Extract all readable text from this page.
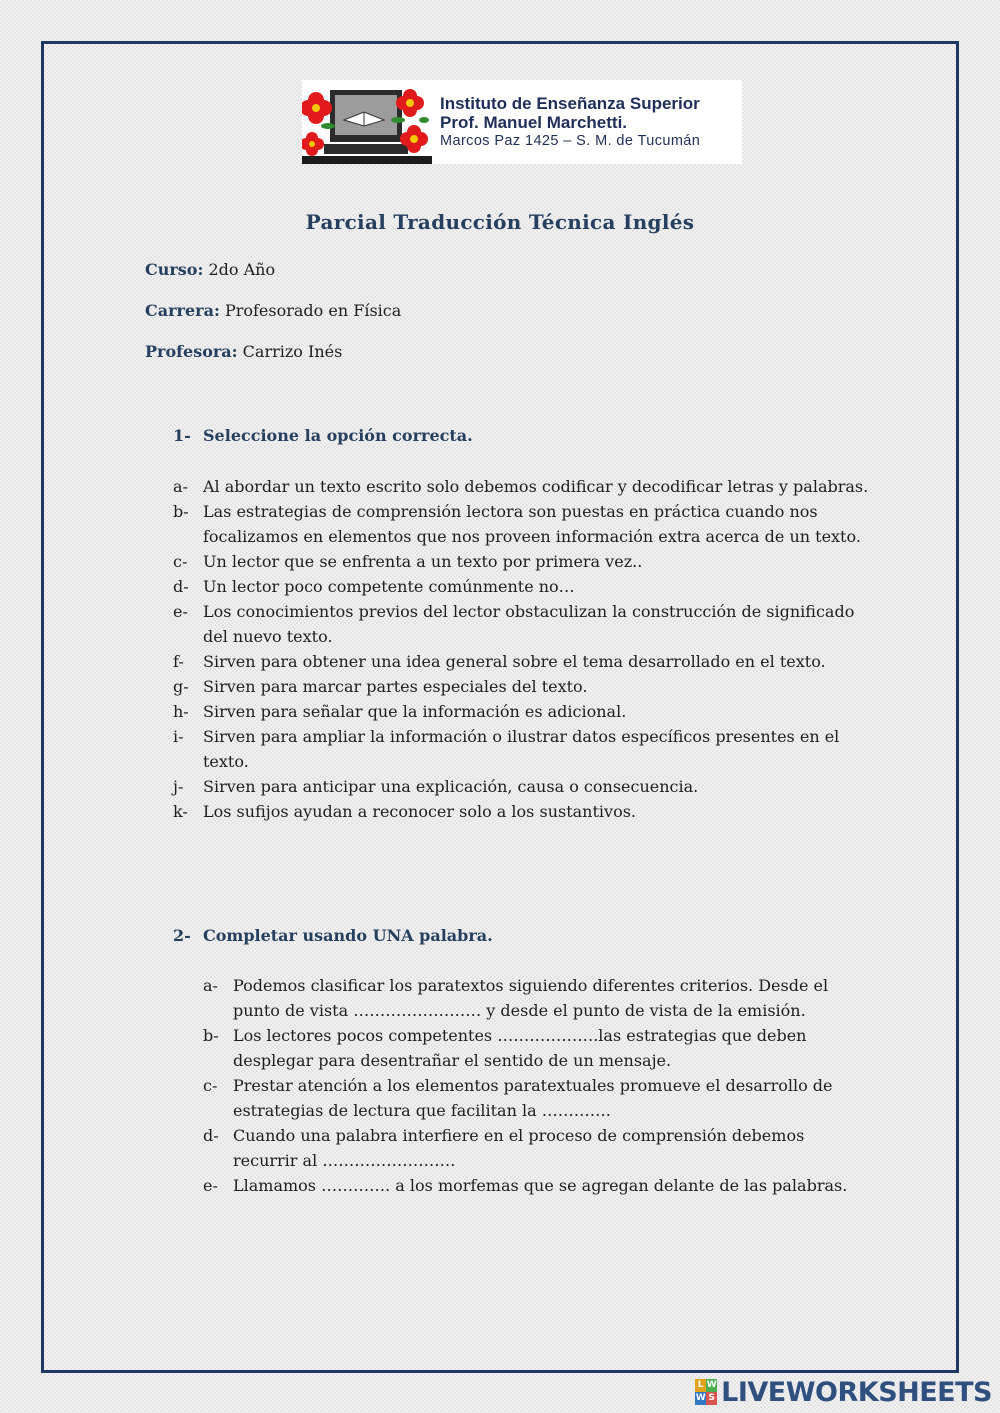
Instituto de Enseñanza Superior
Prof. Manuel Marchetti.
Marcos Paz 1425 – S. M. de Tucumán
Parcial Traducción Técnica Inglés
Curso: 2do Año
Carrera: Profesorado en Física
Profesora: Carrizo Inés
1- Seleccione la opción correcta.
a- Al abordar un texto escrito solo debemos codificar y decodificar letras y palabras.
b- Las estrategias de comprensión lectora son puestas en práctica cuando nos focalizamos en elementos que nos proveen información extra acerca de un texto.
c- Un lector que se enfrenta a un texto por primera vez..
d- Un lector poco competente comúnmente no…
e- Los conocimientos previos del lector obstaculizan la construcción de significado del nuevo texto.
f- Sirven para obtener una idea general sobre el tema desarrollado en el texto.
g- Sirven para marcar partes especiales del texto.
h- Sirven para señalar que la información es adicional.
i- Sirven para ampliar la información o ilustrar datos específicos presentes en el texto.
j- Sirven para anticipar una explicación, causa o consecuencia.
k- Los sufijos ayudan a reconocer solo a los sustantivos.
2- Completar usando UNA palabra.
a- Podemos clasificar los paratextos siguiendo diferentes criterios. Desde el punto de vista …………………… y desde el punto de vista de la emisión.
b- Los lectores pocos competentes ……………….las estrategias que deben desplegar para desentrañar el sentido de un mensaje.
c- Prestar atención a los elementos paratextuales promueve el desarrollo de estrategias de lectura que facilitan la ………….
d- Cuando una palabra interfiere en el proceso de comprensión debemos recurrir al …………………….
e- Llamamos …………. a los morfemas que se agregan delante de las palabras.
L W
W S LIVEWORKSHEETS
